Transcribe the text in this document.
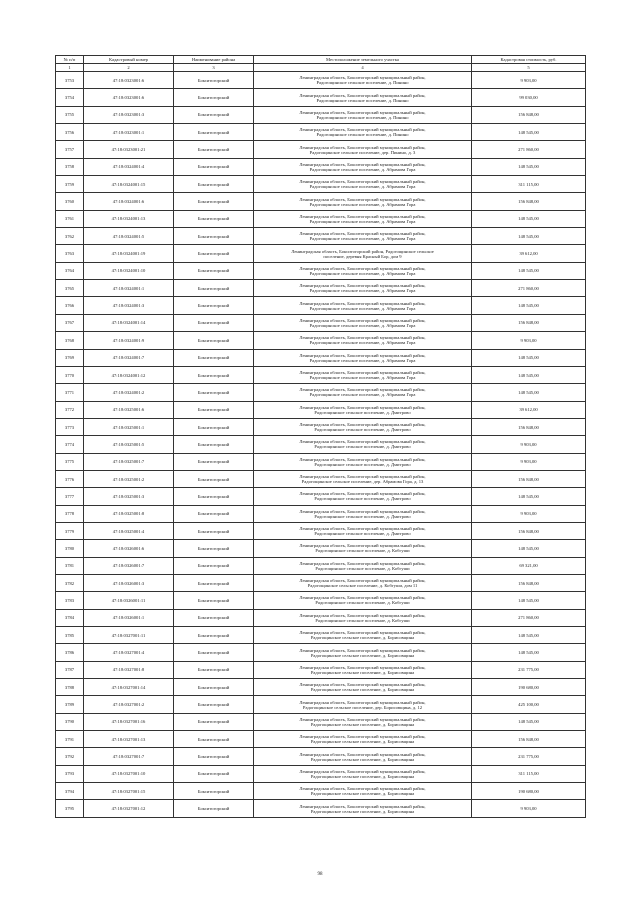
№ п/п	Кадастровый номер	Наименование района	Местоположение земельного участка	Кадастровая стоимость, руб.
1	2	3	4	5
3753	47:18:0323001:6	Бокситогорский	Ленинградская область, Бокситогорский муниципальный район,
Радогощинское сельское поселение, д. Пинино	9 903,00
3754	47:18:0323001:6	Бокситогорский	Ленинградская область, Бокситогорский муниципальный район,
Радогощинское сельское поселение, д. Пинино	99 030,00
3755	47:18:0323001:3	Бокситогорский	Ленинградская область, Бокситогорский муниципальный район,
Радогощинское сельское поселение, д. Пинино	156 848,00
3756	47:18:0323001:1	Бокситогорский	Ленинградская область, Бокситогорский муниципальный район,
Радогощинское сельское поселение, д. Пинино	148 545,00
3757	47:18:0323001:21	Бокситогорский	Ленинградская область, Бокситогорский муниципальный район,
Радогощинское сельское поселение, дер. Пинино, д. 3	271 860,00
3758	47:18:0324001:4	Бокситогорский	Ленинградская область, Бокситогорский муниципальный район,
Радогощинское сельское поселение, д. Абрамова Гора	148 545,00
3759	47:18:0324001:15	Бокситогорский	Ленинградская область, Бокситогорский муниципальный район,
Радогощинское сельское поселение, д. Абрамова Гора	311 115,00
3760	47:18:0324001:6	Бокситогорский	Ленинградская область, Бокситогорский муниципальный район,
Радогощинское сельское поселение, д. Абрамова Гора	156 848,00
3761	47:18:0324001:13	Бокситогорский	Ленинградская область, Бокситогорский муниципальный район,
Радогощинское сельское поселение, д. Абрамова Гора	148 545,00
3762	47:18:0324001:5	Бокситогорский	Ленинградская область, Бокситогорский муниципальный район,
Радогощинское сельское поселение, д. Абрамова Гора	148 545,00
3763	47:18:0324001:19	Бокситогорский	Ленинградская область, Бокситогорский район, Радогощинское сельское
поселение, деревня Красный Бор, дом 9	39 612,00
3764	47:18:0324001:10	Бокситогорский	Ленинградская область, Бокситогорский муниципальный район,
Радогощинское сельское поселение, д. Абрамова Гора	148 545,00
3765	47:18:0324001:1	Бокситогорский	Ленинградская область, Бокситогорский муниципальный район,
Радогощинское сельское поселение, д. Абрамова Гора	271 860,00
3766	47:18:0324001:3	Бокситогорский	Ленинградская область, Бокситогорский муниципальный район,
Радогощинское сельское поселение, д. Абрамова Гора	148 545,00
3767	47:18:0324001:14	Бокситогорский	Ленинградская область, Бокситогорский муниципальный район,
Радогощинское сельское поселение, д. Абрамова Гора	156 848,00
3768	47:18:0324001:9	Бокситогорский	Ленинградская область, Бокситогорский муниципальный район,
Радогощинское сельское поселение, д. Абрамова Гора	9 903,00
3769	47:18:0324001:7	Бокситогорский	Ленинградская область, Бокситогорский муниципальный район,
Радогощинское сельское поселение, д. Абрамова Гора	148 545,00
3770	47:18:0324001:12	Бокситогорский	Ленинградская область, Бокситогорский муниципальный район,
Радогощинское сельское поселение, д. Абрамова Гора	148 545,00
3771	47:18:0324001:2	Бокситогорский	Ленинградская область, Бокситогорский муниципальный район,
Радогощинское сельское поселение, д. Абрамова Гора	148 545,00
3772	47:18:0325001:6	Бокситогорский	Ленинградская область, Бокситогорский муниципальный район,
Радогощинское сельское поселение, д. Дмитрово	39 612,00
3773	47:18:0325001:1	Бокситогорский	Ленинградская область, Бокситогорский муниципальный район,
Радогощинское сельское поселение, д. Дмитрово	156 848,00
3774	47:18:0325001:5	Бокситогорский	Ленинградская область, Бокситогорский муниципальный район,
Радогощинское сельское поселение, д. Дмитрово	9 903,00
3775	47:18:0325001:7	Бокситогорский	Ленинградская область, Бокситогорский муниципальный район,
Радогощинское сельское поселение, д. Дмитрово	9 903,00
3776	47:18:0325001:2	Бокситогорский	Ленинградская область, Бокситогорский муниципальный район,
Радогощинское сельское поселение, дер. Абрамова Гора, д. 13	156 848,00
3777	47:18:0325001:3	Бокситогорский	Ленинградская область, Бокситогорский муниципальный район,
Радогощинское сельское поселение, д. Дмитрово	148 545,00
3778	47:18:0325001:8	Бокситогорский	Ленинградская область, Бокситогорский муниципальный район,
Радогощинское сельское поселение, д. Дмитрово	9 903,00
3779	47:18:0325001:4	Бокситогорский	Ленинградская область, Бокситогорский муниципальный район,
Радогощинское сельское поселение, д. Дмитрово	156 848,00
3780	47:18:0326001:6	Бокситогорский	Ленинградская область, Бокситогорский муниципальный район,
Радогощинское сельское поселение, д. Кобгуши	148 545,00
3781	47:18:0326001:7	Бокситогорский	Ленинградская область, Бокситогорский муниципальный район,
Радогощинское сельское поселение, д. Кобгуши	69 321,00
3782	47:18:0326001:3	Бокситогорский	Ленинградская область, Бокситогорский муниципальный район,
Радогощинское сельское поселение, д. Кобгуши, дом 11	156 848,00
3783	47:18:0326001:11	Бокситогорский	Ленинградская область, Бокситогорский муниципальный район,
Радогощинское сельское поселение, д. Кобгуши	148 545,00
3784	47:18:0326001:1	Бокситогорский	Ленинградская область, Бокситогорский муниципальный район,
Радогощинское сельское поселение, д. Кобгуши	271 860,00
3785	47:18:0327001:11	Бокситогорский	Ленинградская область, Бокситогорский муниципальный район,
Радогощинское сельское поселение, д. Борисовщина	148 545,00
3786	47:18:0327001:4	Бокситогорский	Ленинградская область, Бокситогорский муниципальный район,
Радогощинское сельское поселение, д. Борисовщина	148 545,00
3787	47:18:0327001:8	Бокситогорский	Ленинградская область, Бокситогорский муниципальный район,
Радогощинское сельское поселение, д. Борисовщина	231 775,00
3788	47:18:0327001:14	Бокситогорский	Ленинградская область, Бокситогорский муниципальный район,
Радогощинское сельское поселение, д. Борисовщина	190 680,00
3789	47:18:0327001:2	Бокситогорский	Ленинградская область, Бокситогорский муниципальный район,
Радогощинское сельское поселение, дер. Борисовщина, д. 12	425 100,00
3790	47:18:0327001:16	Бокситогорский	Ленинградская область, Бокситогорский муниципальный район,
Радогощинское сельское поселение, д. Борисовщина	148 545,00
3791	47:18:0327001:13	Бокситогорский	Ленинградская область, Бокситогорский муниципальный район,
Радогощинское сельское поселение, д. Борисовщина	156 848,00
3792	47:18:0327001:7	Бокситогорский	Ленинградская область, Бокситогорский муниципальный район,
Радогощинское сельское поселение, д. Борисовщина	231 775,00
3793	47:18:0327001:10	Бокситогорский	Ленинградская область, Бокситогорский муниципальный район,
Радогощинское сельское поселение, д. Борисовщина	311 115,00
3794	47:18:0327001:15	Бокситогорский	Ленинградская область, Бокситогорский муниципальный район,
Радогощинское сельское поселение, д. Борисовщина	190 680,00
3795	47:18:0327001:12	Бокситогорский	Ленинградская область, Бокситогорский муниципальный район,
Радогощинское сельское поселение, д. Борисовщина	9 903,00
98
